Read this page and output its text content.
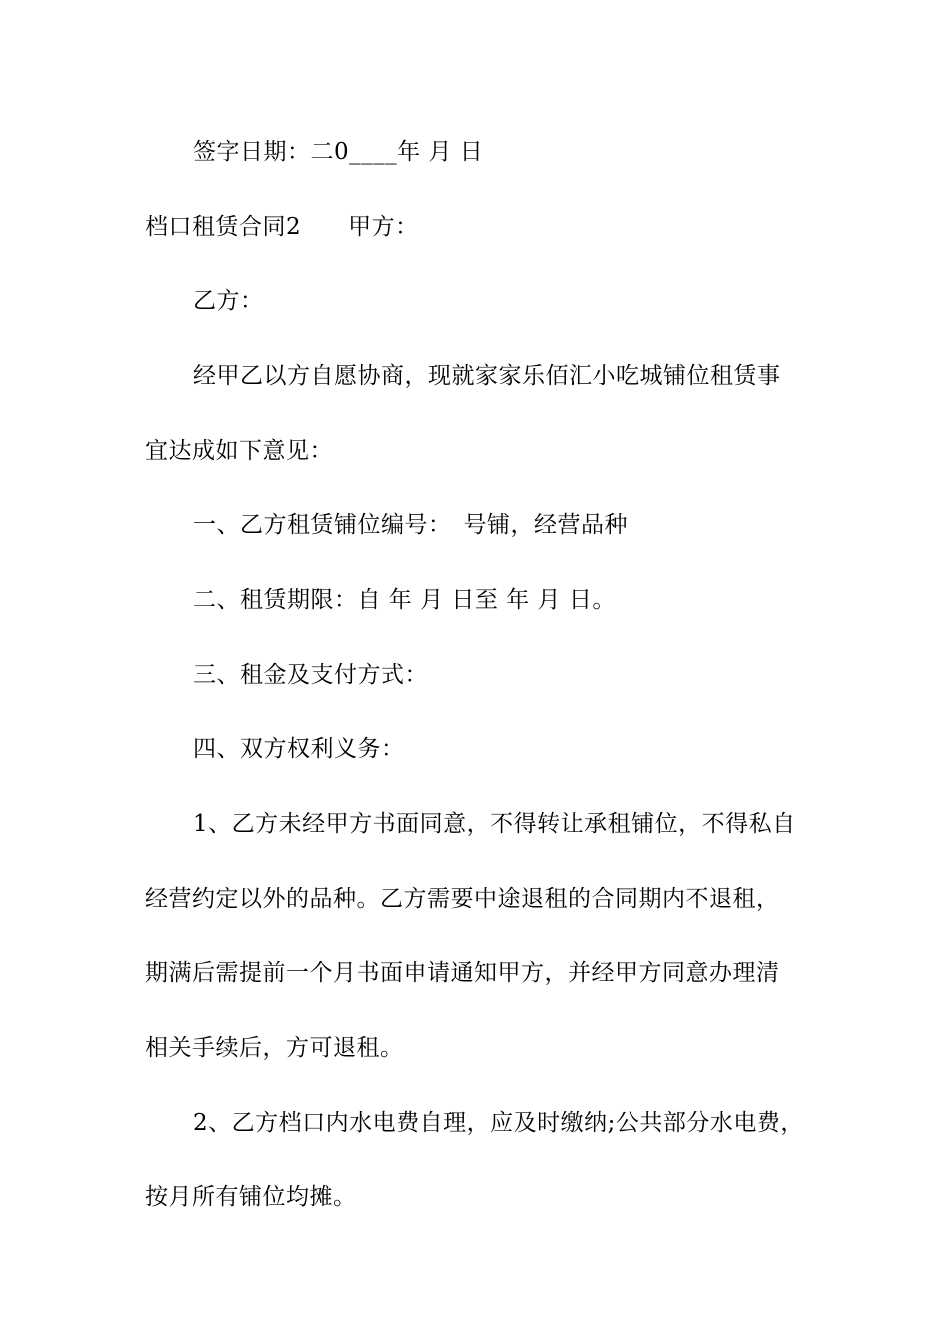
签字日期：二0____年 月 日
档口租赁合同2　　甲方：
乙方：
经甲乙以方自愿协商，现就家家乐佰汇小吃城铺位租赁事
宜达成如下意见：
一、乙方租赁铺位编号：　号铺，经营品种
二、租赁期限：自 年 月 日至 年 月 日。
三、租金及支付方式：
四、双方权利义务：
1、乙方未经甲方书面同意，不得转让承租铺位，不得私自
经营约定以外的品种。乙方需要中途退租的合同期内不退租，
期满后需提前一个月书面申请通知甲方，并经甲方同意办理清
相关手续后，方可退租。
2、乙方档口内水电费自理，应及时缴纳;公共部分水电费，
按月所有铺位均摊。
